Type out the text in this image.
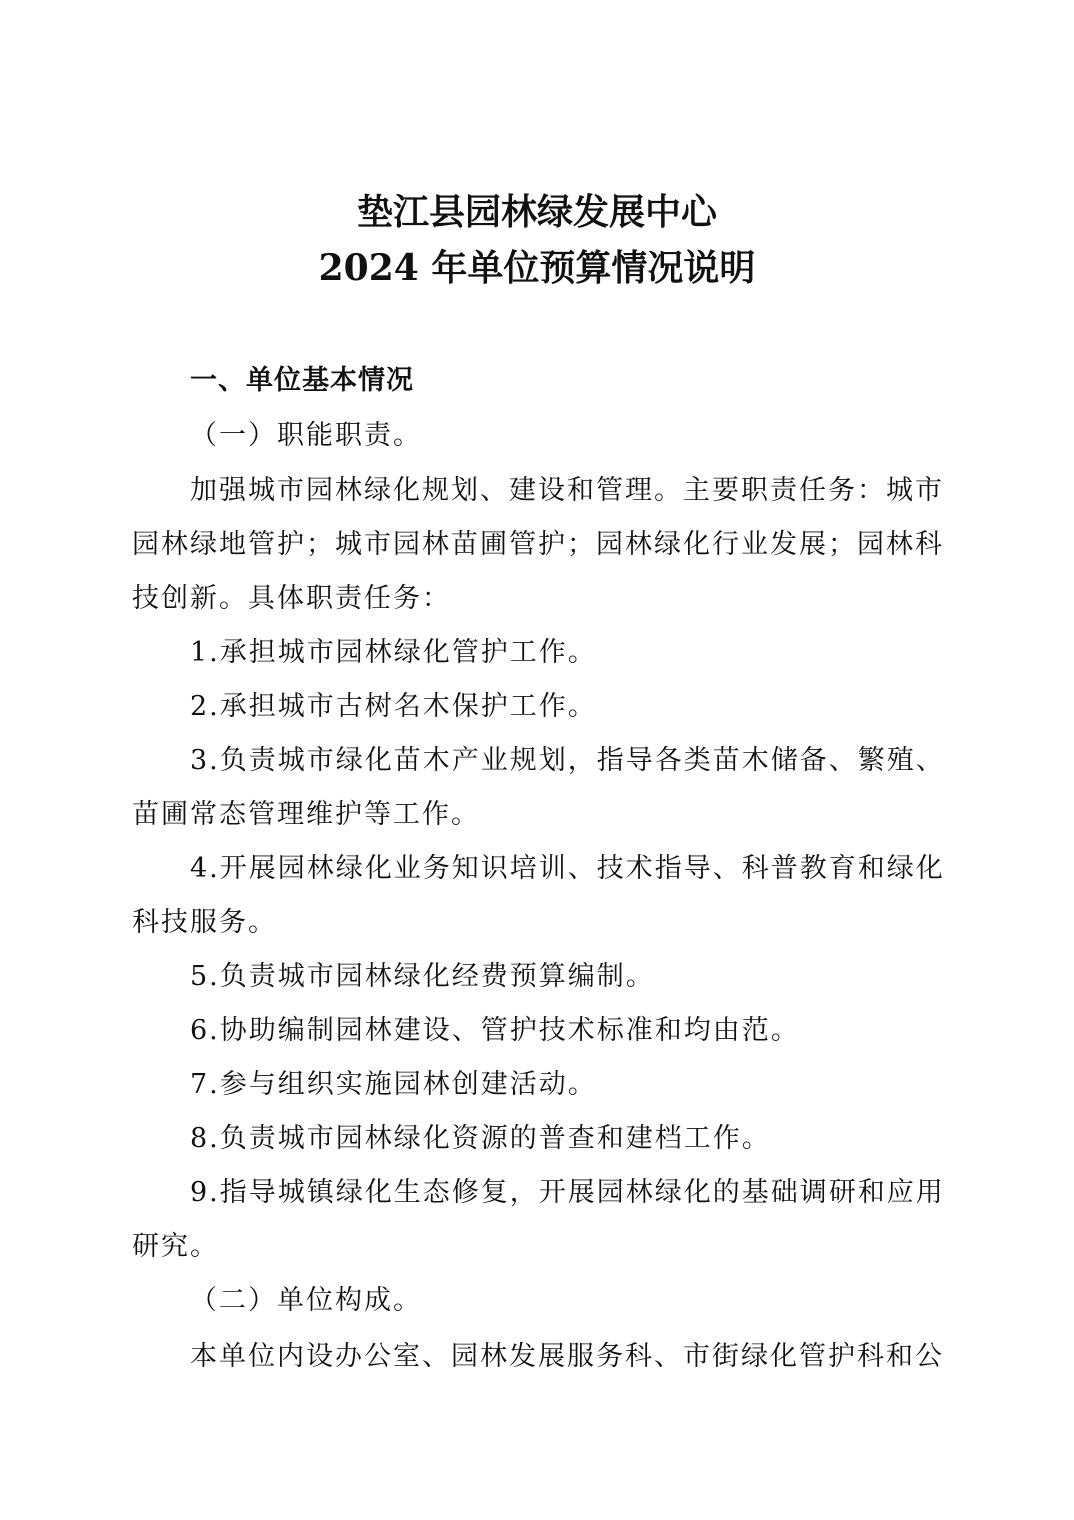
垫江县园林绿发展中心
2024 年单位预算情况说明
一、单位基本情况
（一）职能职责。
加强城市园林绿化规划、建设和管理。主要职责任务：城市
园林绿地管护；城市园林苗圃管护；园林绿化行业发展；园林科
技创新。具体职责任务：
1.承担城市园林绿化管护工作。
2.承担城市古树名木保护工作。
3.负责城市绿化苗木产业规划，指导各类苗木储备、繁殖、
苗圃常态管理维护等工作。
4.开展园林绿化业务知识培训、技术指导、科普教育和绿化
科技服务。
5.负责城市园林绿化经费预算编制。
6.协助编制园林建设、管护技术标准和均由范。
7.参与组织实施园林创建活动。
8.负责城市园林绿化资源的普查和建档工作。
9.指导城镇绿化生态修复，开展园林绿化的基础调研和应用
研究。
（二）单位构成。
本单位内设办公室、园林发展服务科、市街绿化管护科和公
